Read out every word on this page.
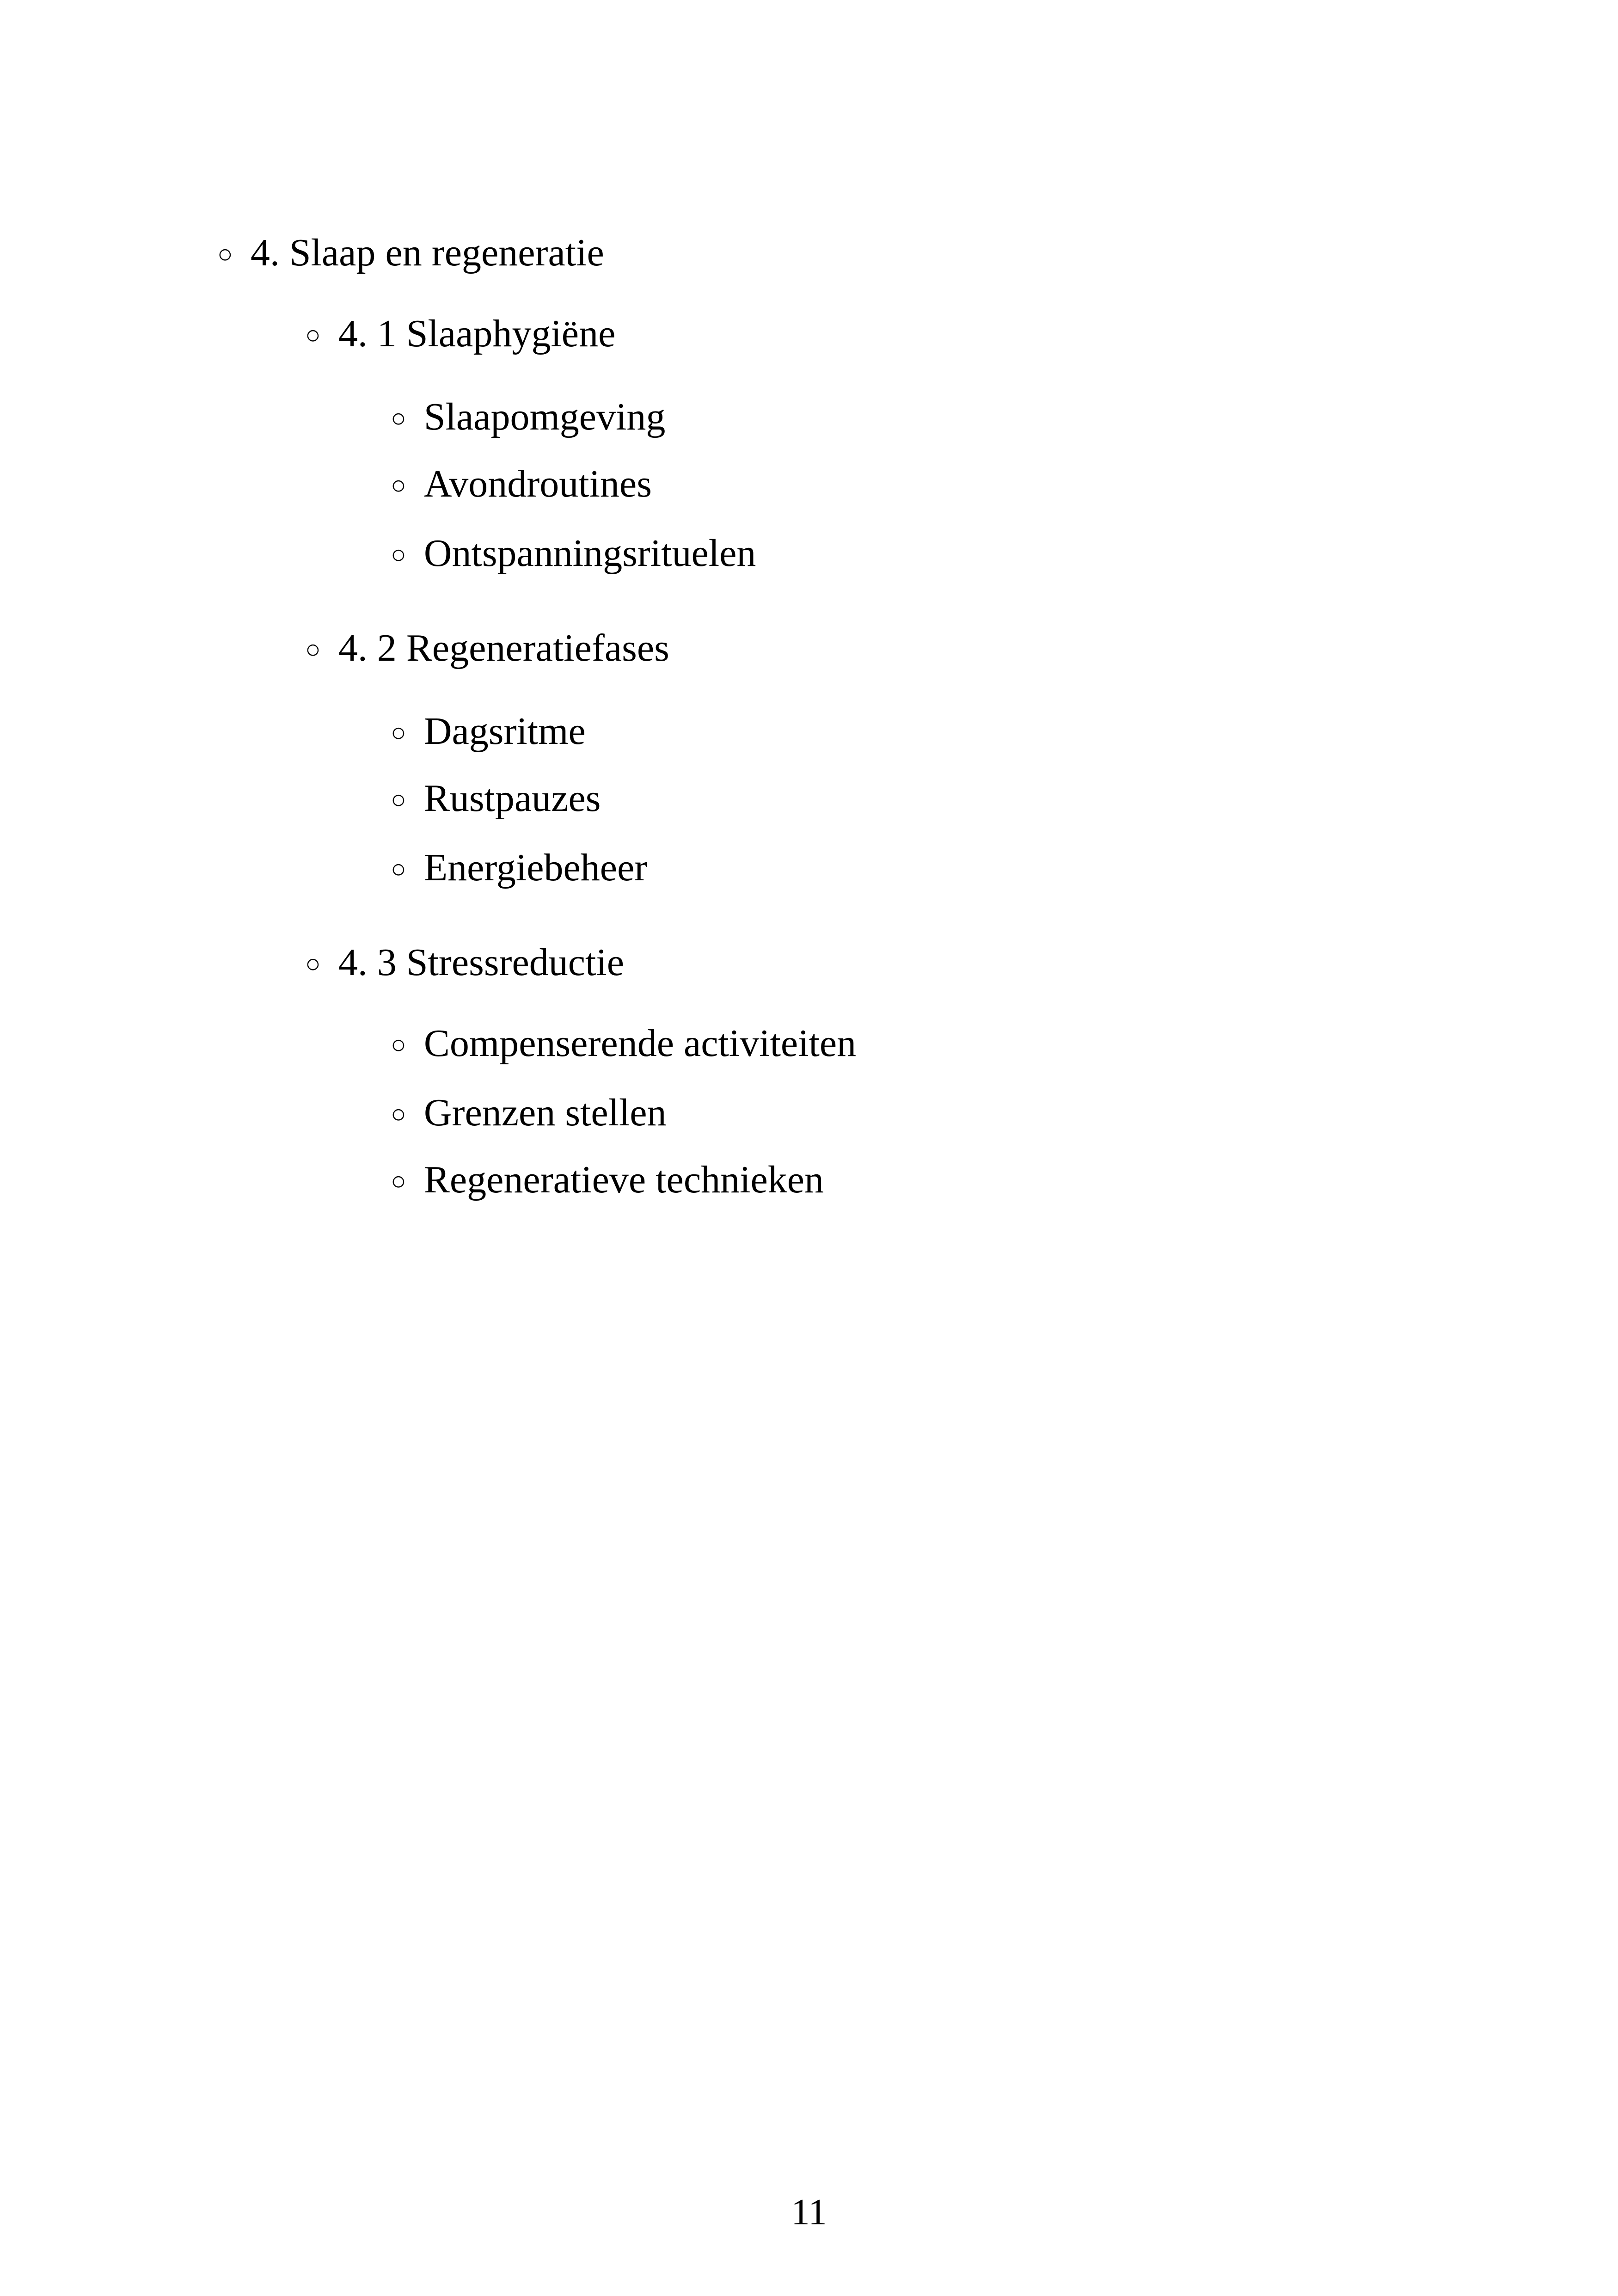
○ 4. Slaap en regeneratie
○ 4. 1 Slaaphygiëne
○ Slaapomgeving
○ Avondroutines
○ Ontspanningsrituelen
○ 4. 2 Regeneratiefases
○ Dagsritme
○ Rustpauzes
○ Energiebeheer
○ 4. 3 Stressreductie
○ Compenserende activiteiten
○ Grenzen stellen
○ Regeneratieve technieken
11
